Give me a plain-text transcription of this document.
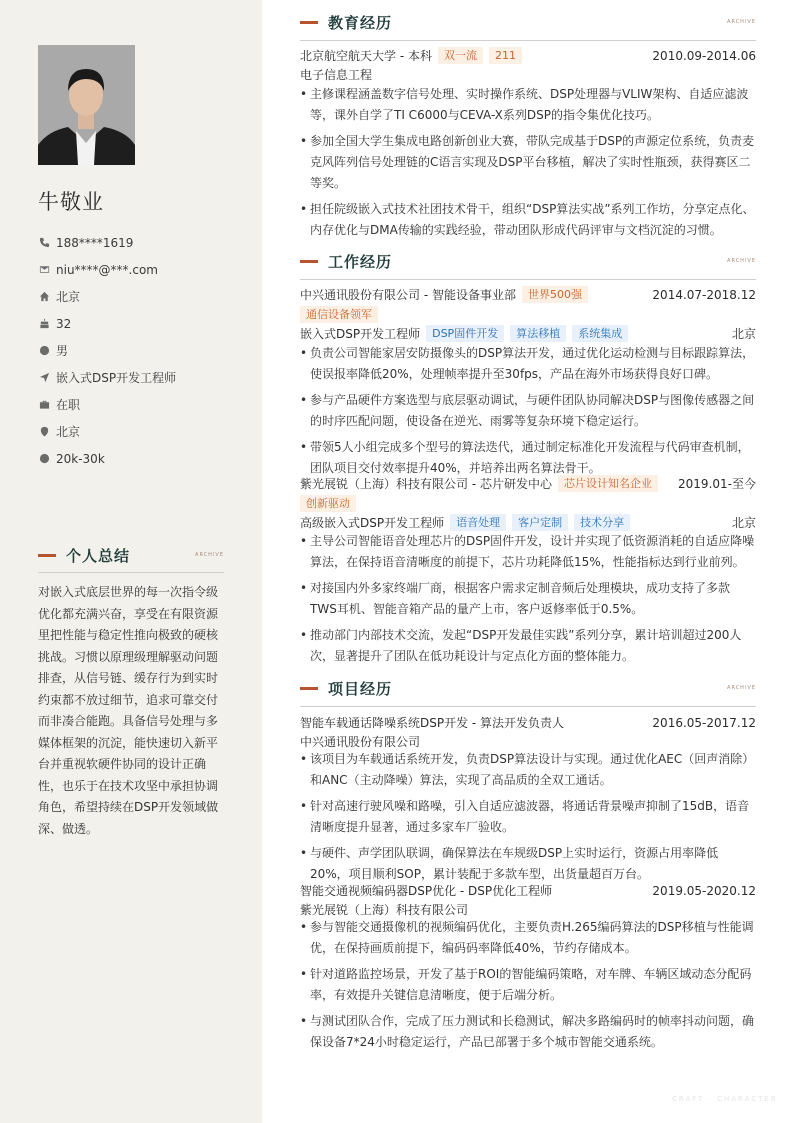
牛敬业
188****1619
niu****@***.com
北京
32
男
嵌入式DSP开发工程师
在职
北京
20k-30k
个人总结	ARCHIVE
对嵌入式底层世界的每一次指令级优化都充满兴奋，享受在有限资源里把性能与稳定性推向极致的硬核挑战。习惯以原理级理解驱动问题排查，从信号链、缓存行为到实时约束都不放过细节，追求可靠交付而非凑合能跑。具备信号处理与多媒体框架的沉淀，能快速切入新平台并重视软硬件协同的设计正确性，也乐于在技术攻坚中承担协调角色，希望持续在DSP开发领域做深、做透。
教育经历	ARCHIVE
北京航空航天大学 - 本科	双一流	211	2010.09-2014.06
电子信息工程
• 主修课程涵盖数字信号处理、实时操作系统、DSP处理器与VLIW架构、自适应滤波等，课外自学了TI C6000与CEVA-X系列DSP的指令集优化技巧。
• 参加全国大学生集成电路创新创业大赛，带队完成基于DSP的声源定位系统，负责麦克风阵列信号处理链的C语言实现及DSP平台移植，解决了实时性瓶颈，获得赛区二等奖。
• 担任院级嵌入式技术社团技术骨干，组织“DSP算法实战”系列工作坊，分享定点化、内存优化与DMA传输的实践经验，带动团队形成代码评审与文档沉淀的习惯。
工作经历	ARCHIVE
中兴通讯股份有限公司 - 智能设备事业部	世界500强	2014.07-2018.12
通信设备领军
嵌入式DSP开发工程师	DSP固件开发	算法移植	系统集成	北京
• 负责公司智能家居安防摄像头的DSP算法开发，通过优化运动检测与目标跟踪算法，使误报率降低20%，处理帧率提升至30fps，产品在海外市场获得良好口碑。
• 参与产品硬件方案选型与底层驱动调试，与硬件团队协同解决DSP与图像传感器之间的时序匹配问题，使设备在逆光、雨雾等复杂环境下稳定运行。
• 带领5人小组完成多个型号的算法迭代，通过制定标准化开发流程与代码审查机制，团队项目交付效率提升40%，并培养出两名算法骨干。
紫光展锐（上海）科技有限公司 - 芯片研发中心	芯片设计知名企业	2019.01-至今
创新驱动
高级嵌入式DSP开发工程师	语音处理	客户定制	技术分享	北京
• 主导公司智能语音处理芯片的DSP固件开发，设计并实现了低资源消耗的自适应降噪算法，在保持语音清晰度的前提下，芯片功耗降低15%，性能指标达到行业前列。
• 对接国内外多家终端厂商，根据客户需求定制音频后处理模块，成功支持了多款TWS耳机、智能音箱产品的量产上市，客户返修率低于0.5%。
• 推动部门内部技术交流，发起“DSP开发最佳实践”系列分享，累计培训超过200人次，显著提升了团队在低功耗设计与定点化方面的整体能力。
项目经历	ARCHIVE
智能车载通话降噪系统DSP开发 - 算法开发负责人	2016.05-2017.12
中兴通讯股份有限公司
• 该项目为车载通话系统开发，负责DSP算法设计与实现。通过优化AEC（回声消除）和ANC（主动降噪）算法，实现了高品质的全双工通话。
• 针对高速行驶风噪和路噪，引入自适应滤波器，将通话背景噪声抑制了15dB，语音清晰度提升显著，通过多家车厂验收。
• 与硬件、声学团队联调，确保算法在车规级DSP上实时运行，资源占用率降低20%，项目顺利SOP，累计装配于多款车型，出货量超百万台。
智能交通视频编码器DSP优化 - DSP优化工程师	2019.05-2020.12
紫光展锐（上海）科技有限公司
• 参与智能交通摄像机的视频编码优化，主要负责H.265编码算法的DSP移植与性能调优，在保持画质前提下，编码码率降低40%，节约存储成本。
• 针对道路监控场景，开发了基于ROI的智能编码策略，对车牌、车辆区域动态分配码率，有效提升关键信息清晰度，便于后端分析。
• 与测试团队合作，完成了压力测试和长稳测试，解决多路编码时的帧率抖动问题，确保设备7*24小时稳定运行，产品已部署于多个城市智能交通系统。
CRAFT · CHARACTER
